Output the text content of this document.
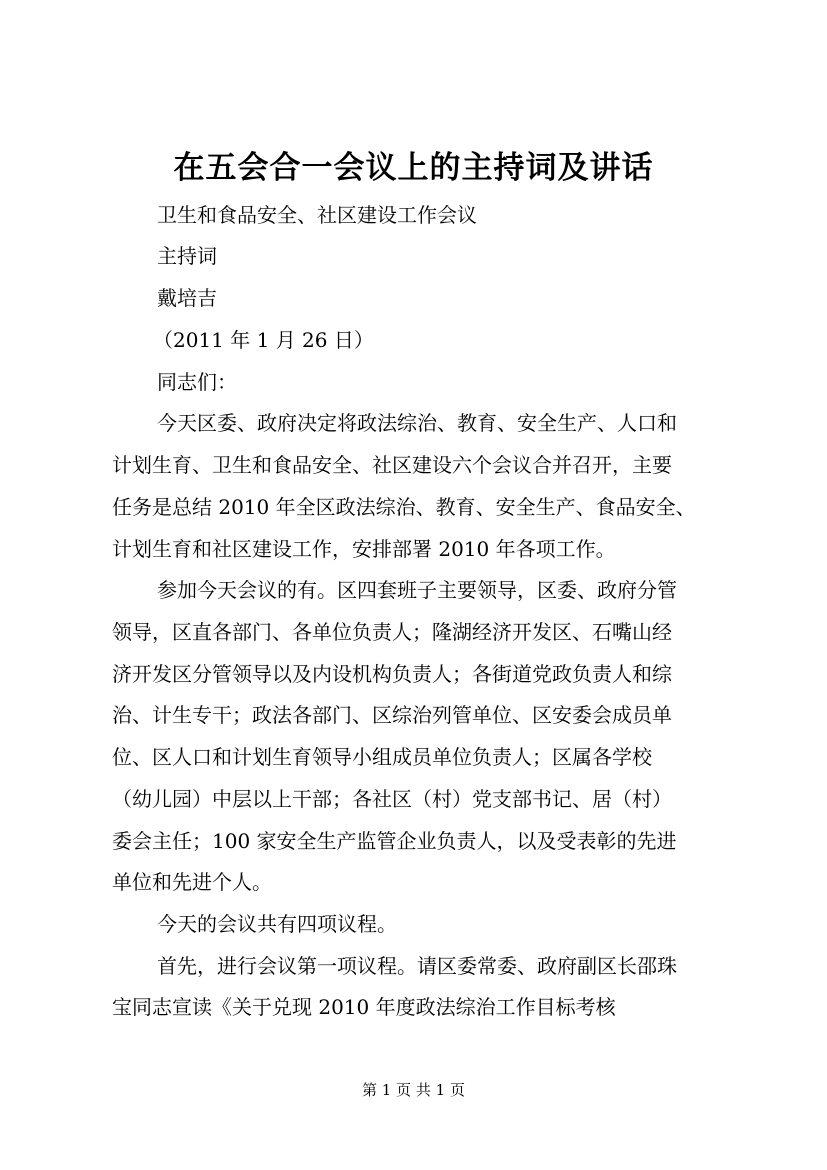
在五会合一会议上的主持词及讲话
卫生和食品安全、社区建设工作会议
主持词
戴培吉
（2011 年 1 月 26 日）
同志们：
今天区委、政府决定将政法综治、教育、安全生产、人口和
计划生育、卫生和食品安全、社区建设六个会议合并召开，主要
任务是总结 2010 年全区政法综治、教育、安全生产、食品安全、
计划生育和社区建设工作，安排部署 2010 年各项工作。
参加今天会议的有。区四套班子主要领导，区委、政府分管
领导，区直各部门、各单位负责人；隆湖经济开发区、石嘴山经
济开发区分管领导以及内设机构负责人；各街道党政负责人和综
治、计生专干；政法各部门、区综治列管单位、区安委会成员单
位、区人口和计划生育领导小组成员单位负责人；区属各学校
（幼儿园）中层以上干部；各社区（村）党支部书记、居（村）
委会主任；100 家安全生产监管企业负责人，以及受表彰的先进
单位和先进个人。
今天的会议共有四项议程。
首先，进行会议第一项议程。请区委常委、政府副区长邵珠
宝同志宣读《关于兑现 2010 年度政法综治工作目标考核
第 1 页 共 1 页
